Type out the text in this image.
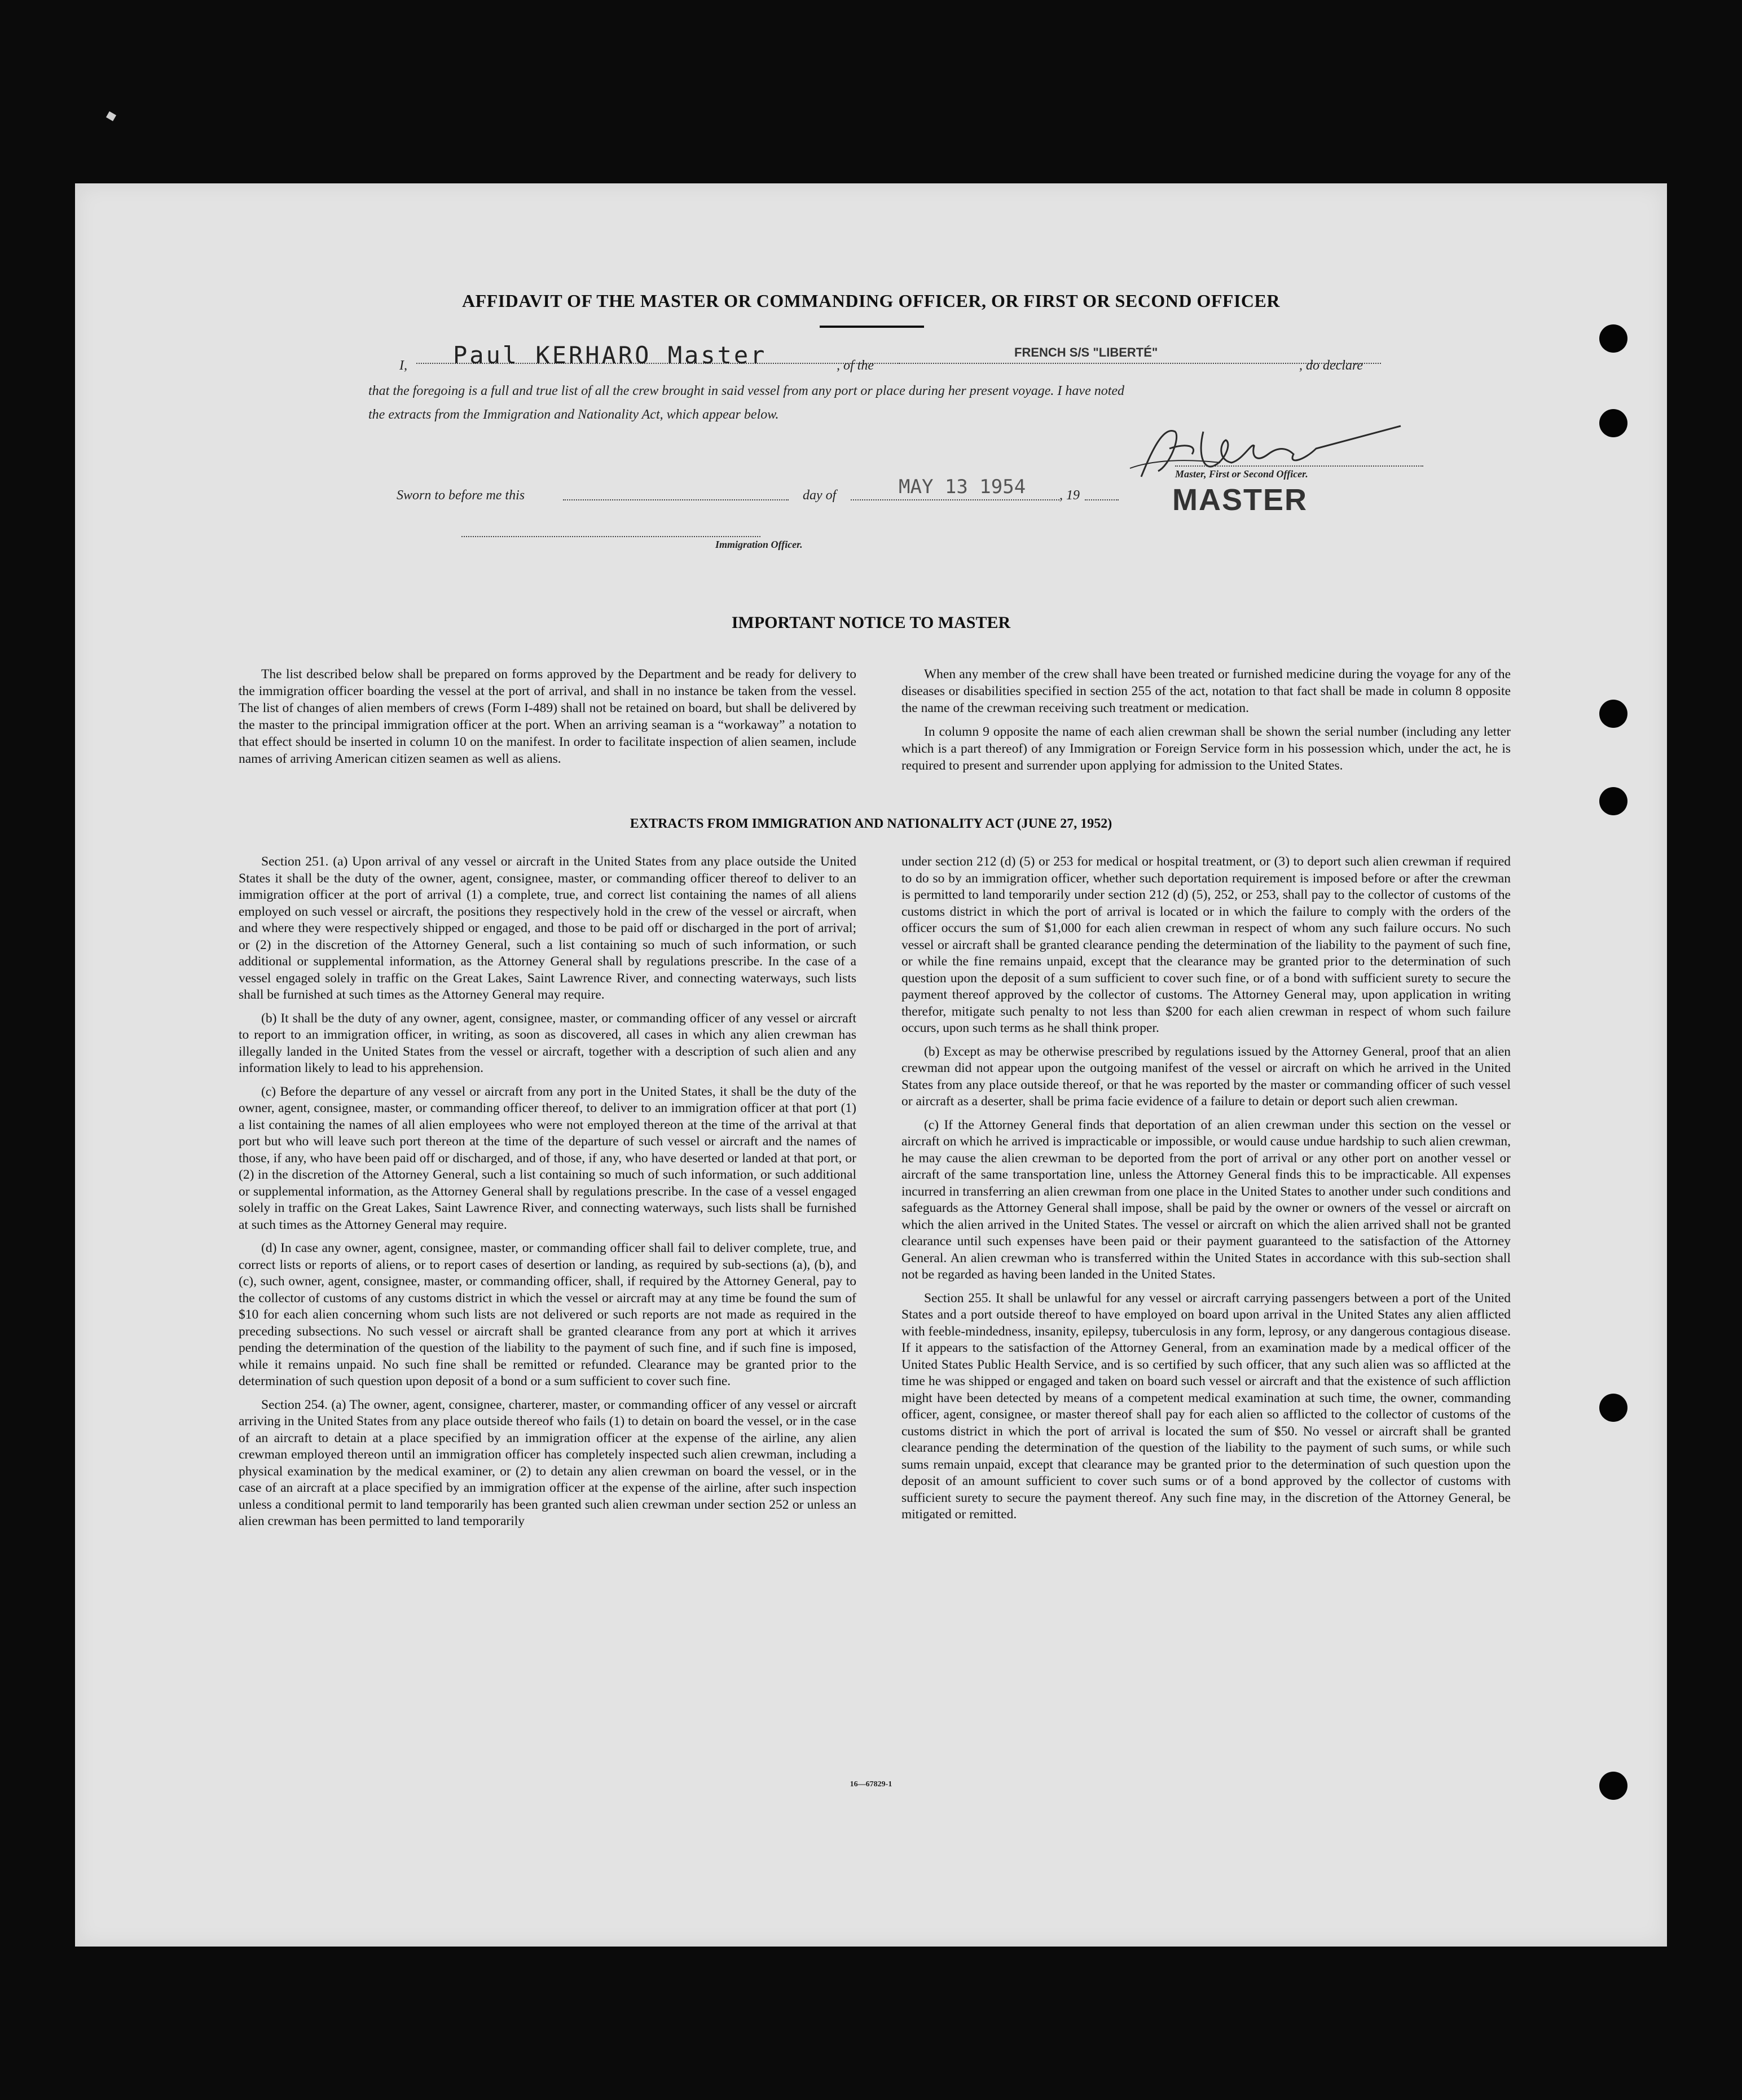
AFFIDAVIT OF THE MASTER OR COMMANDING OFFICER, OR FIRST OR SECOND OFFICER
I, Paul KERHARO Master	, of the
FRENCH S/S "LIBERTÉ"
, do declare
that the foregoing is a full and true list of all the crew brought in said vessel from any port or place during her present voyage. I have noted
the extracts from the Immigration and Nationality Act, which appear below.
Master, First or Second Officer.
MASTER
Sworn to before me this	day of	MAY 13 1954 , 19
Immigration Officer.
IMPORTANT NOTICE TO MASTER

The list described below shall be prepared on forms approved by the Department and be ready for delivery to the immigration officer boarding the vessel at the port of arrival, and shall in no instance be taken from the vessel. The list of changes of alien members of crews (Form I-489) shall not be retained on board, but shall be delivered by the master to the principal immigration officer at the port. When an arriving seaman is a “workaway” a notation to that effect should be inserted in column 10 on the manifest. In order to facilitate inspection of alien seamen, include names of arriving American citizen seamen as well as aliens.

When any member of the crew shall have been treated or furnished medicine during the voyage for any of the diseases or disabilities specified in section 255 of the act, notation to that fact shall be made in column 8 opposite the name of the crewman receiving such treatment or medication.

In column 9 opposite the name of each alien crewman shall be shown the serial number (including any letter which is a part thereof) of any Immigration or Foreign Service form in his possession which, under the act, he is required to present and surrender upon applying for admission to the United States.

EXTRACTS FROM IMMIGRATION AND NATIONALITY ACT (JUNE 27, 1952)

Section 251. (a) Upon arrival of any vessel or aircraft in the United States from any place outside the United States it shall be the duty of the owner, agent, consignee, master, or commanding officer thereof to deliver to an immigration officer at the port of arrival (1) a complete, true, and correct list containing the names of all aliens employed on such vessel or aircraft, the positions they respectively hold in the crew of the vessel or aircraft, when and where they were respectively shipped or engaged, and those to be paid off or discharged in the port of arrival; or (2) in the discretion of the Attorney General, such a list containing so much of such information, or such additional or supplemental information, as the Attorney General shall by regulations prescribe. In the case of a vessel engaged solely in traffic on the Great Lakes, Saint Lawrence River, and connecting waterways, such lists shall be furnished at such times as the Attorney General may require.

(b) It shall be the duty of any owner, agent, consignee, master, or commanding officer of any vessel or aircraft to report to an immigration officer, in writing, as soon as discovered, all cases in which any alien crewman has illegally landed in the United States from the vessel or aircraft, together with a description of such alien and any information likely to lead to his apprehension.

(c) Before the departure of any vessel or aircraft from any port in the United States, it shall be the duty of the owner, agent, consignee, master, or commanding officer thereof, to deliver to an immigration officer at that port (1) a list containing the names of all alien employees who were not employed thereon at the time of the arrival at that port but who will leave such port thereon at the time of the departure of such vessel or aircraft and the names of those, if any, who have been paid off or discharged, and of those, if any, who have deserted or landed at that port, or (2) in the discretion of the Attorney General, such a list containing so much of such information, or such additional or supplemental information, as the Attorney General shall by regulations prescribe. In the case of a vessel engaged solely in traffic on the Great Lakes, Saint Lawrence River, and connecting waterways, such lists shall be furnished at such times as the Attorney General may require.

(d) In case any owner, agent, consignee, master, or commanding officer shall fail to deliver complete, true, and correct lists or reports of aliens, or to report cases of desertion or landing, as required by sub-sections (a), (b), and (c), such owner, agent, consignee, master, or commanding officer, shall, if required by the Attorney General, pay to the collector of customs of any customs district in which the vessel or aircraft may at any time be found the sum of $10 for each alien concerning whom such lists are not delivered or such reports are not made as required in the preceding subsections. No such vessel or aircraft shall be granted clearance from any port at which it arrives pending the determination of the question of the liability to the payment of such fine, and if such fine is imposed, while it remains unpaid. No such fine shall be remitted or refunded. Clearance may be granted prior to the determination of such question upon deposit of a bond or a sum sufficient to cover such fine.

Section 254. (a) The owner, agent, consignee, charterer, master, or commanding officer of any vessel or aircraft arriving in the United States from any place outside thereof who fails (1) to detain on board the vessel, or in the case of an aircraft to detain at a place specified by an immigration officer at the expense of the airline, any alien crewman employed thereon until an immigration officer has completely inspected such alien crewman, including a physical examination by the medical examiner, or (2) to detain any alien crewman on board the vessel, or in the case of an aircraft at a place specified by an immigration officer at the expense of the airline, after such inspection unless a conditional permit to land temporarily has been granted such alien crewman under section 252 or unless an alien crewman has been permitted to land temporarily

under section 212 (d) (5) or 253 for medical or hospital treatment, or (3) to deport such alien crewman if required to do so by an immigration officer, whether such deportation requirement is imposed before or after the crewman is permitted to land temporarily under section 212 (d) (5), 252, or 253, shall pay to the collector of customs of the customs district in which the port of arrival is located or in which the failure to comply with the orders of the officer occurs the sum of $1,000 for each alien crewman in respect of whom any such failure occurs. No such vessel or aircraft shall be granted clearance pending the determination of the liability to the payment of such fine, or while the fine remains unpaid, except that the clearance may be granted prior to the determination of such question upon the deposit of a sum sufficient to cover such fine, or of a bond with sufficient surety to secure the payment thereof approved by the collector of customs. The Attorney General may, upon application in writing therefor, mitigate such penalty to not less than $200 for each alien crewman in respect of whom such failure occurs, upon such terms as he shall think proper.

(b) Except as may be otherwise prescribed by regulations issued by the Attorney General, proof that an alien crewman did not appear upon the outgoing manifest of the vessel or aircraft on which he arrived in the United States from any place outside thereof, or that he was reported by the master or commanding officer of such vessel or aircraft as a deserter, shall be prima facie evidence of a failure to detain or deport such alien crewman.

(c) If the Attorney General finds that deportation of an alien crewman under this section on the vessel or aircraft on which he arrived is impracticable or impossible, or would cause undue hardship to such alien crewman, he may cause the alien crewman to be deported from the port of arrival or any other port on another vessel or aircraft of the same transportation line, unless the Attorney General finds this to be impracticable. All expenses incurred in transferring an alien crewman from one place in the United States to another under such conditions and safeguards as the Attorney General shall impose, shall be paid by the owner or owners of the vessel or aircraft on which the alien arrived in the United States. The vessel or aircraft on which the alien arrived shall not be granted clearance until such expenses have been paid or their payment guaranteed to the satisfaction of the Attorney General. An alien crewman who is transferred within the United States in accordance with this sub-section shall not be regarded as having been landed in the United States.

Section 255. It shall be unlawful for any vessel or aircraft carrying passengers between a port of the United States and a port outside thereof to have employed on board upon arrival in the United States any alien afflicted with feeble-mindedness, insanity, epilepsy, tuberculosis in any form, leprosy, or any dangerous contagious disease. If it appears to the satisfaction of the Attorney General, from an examination made by a medical officer of the United States Public Health Service, and is so certified by such officer, that any such alien was so afflicted at the time he was shipped or engaged and taken on board such vessel or aircraft and that the existence of such affliction might have been detected by means of a competent medical examination at such time, the owner, commanding officer, agent, consignee, or master thereof shall pay for each alien so afflicted to the collector of customs of the customs district in which the port of arrival is located the sum of $50. No vessel or aircraft shall be granted clearance pending the determination of the question of the liability to the payment of such sums, or while such sums remain unpaid, except that clearance may be granted prior to the determination of such question upon the deposit of an amount sufficient to cover such sums or of a bond approved by the collector of customs with sufficient surety to secure the payment thereof. Any such fine may, in the discretion of the Attorney General, be mitigated or remitted.

16—67829-1
